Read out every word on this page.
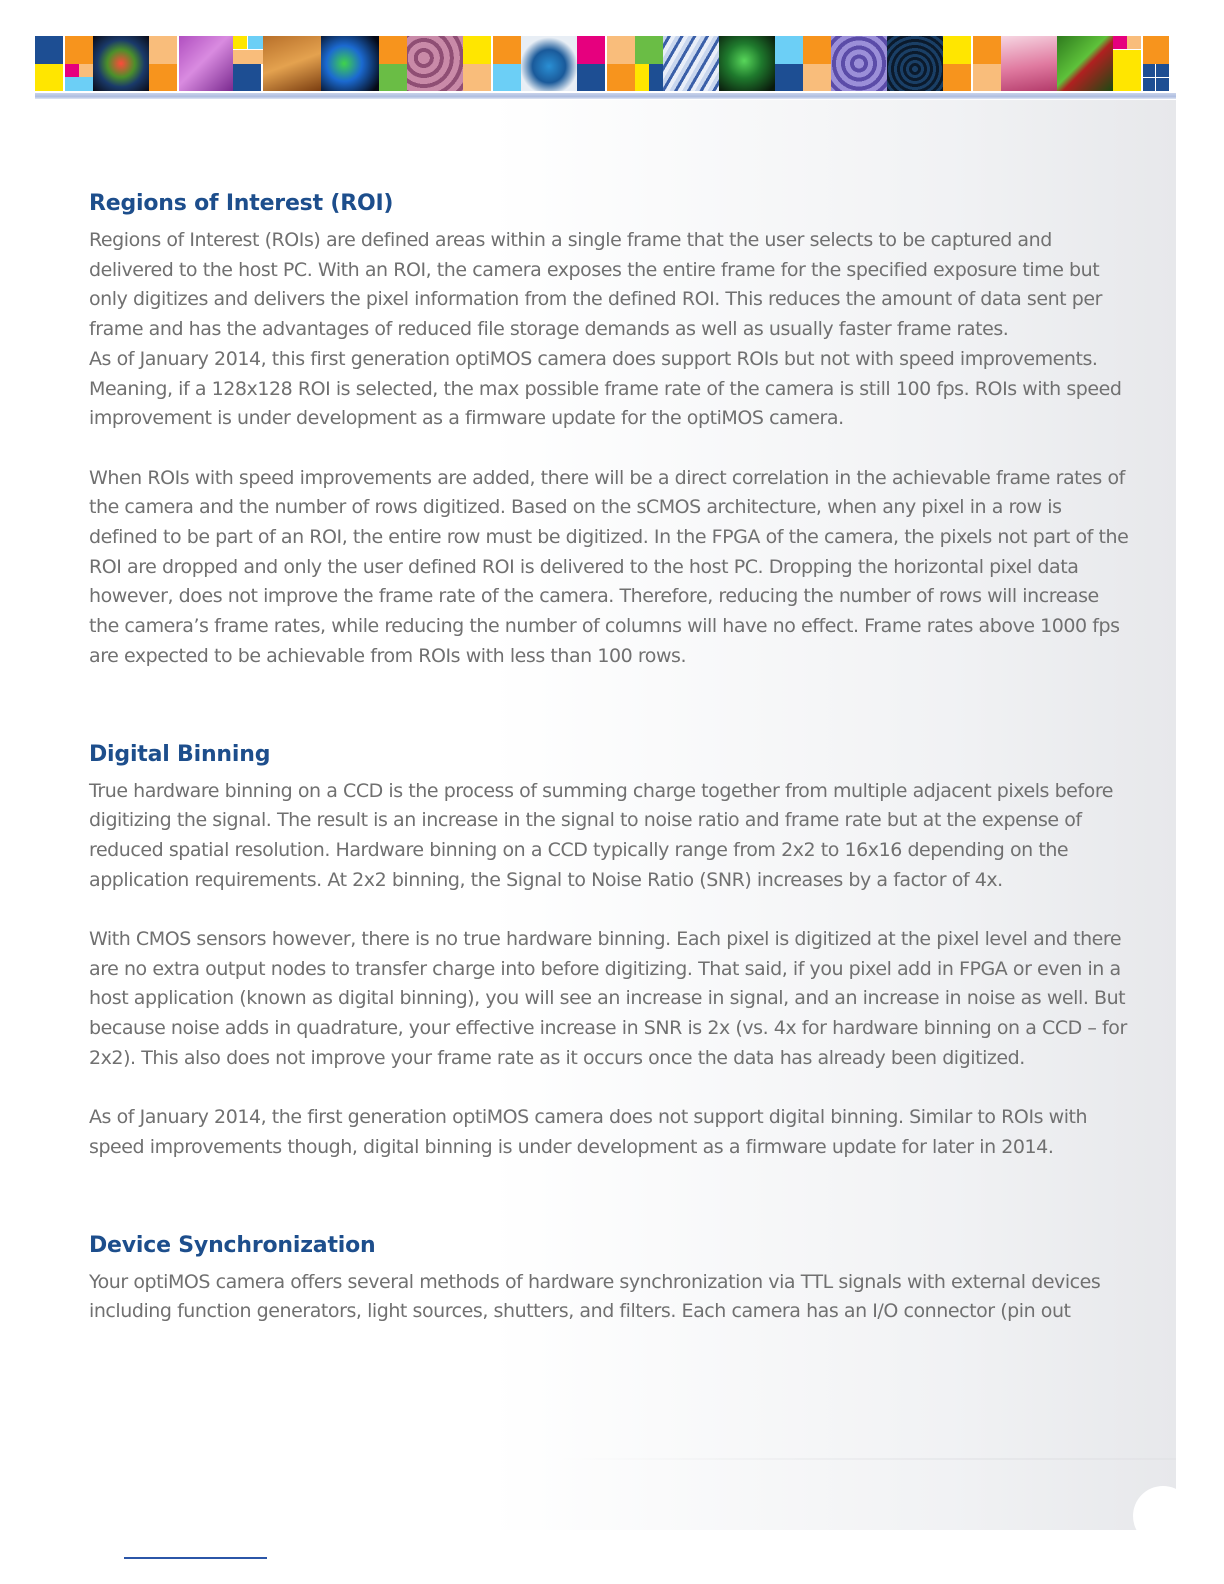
Regions of Interest (ROI)

Regions of Interest (ROIs) are defined areas within a single frame that the user selects to be captured and delivered to the host PC. With an ROI, the camera exposes the entire frame for the specified exposure time but only digitizes and delivers the pixel information from the defined ROI. This reduces the amount of data sent per frame and has the advantages of reduced file storage demands as well as usually faster frame rates.

As of January 2014, this first generation optiMOS camera does support ROIs but not with speed improvements. Meaning, if a 128x128 ROI is selected, the max possible frame rate of the camera is still 100 fps. ROIs with speed improvement is under development as a firmware update for the optiMOS camera.

When ROIs with speed improvements are added, there will be a direct correlation in the achievable frame rates of the camera and the number of rows digitized. Based on the sCMOS architecture, when any pixel in a row is defined to be part of an ROI, the entire row must be digitized. In the FPGA of the camera, the pixels not part of the ROI are dropped and only the user defined ROI is delivered to the host PC. Dropping the horizontal pixel data however, does not improve the frame rate of the camera. Therefore, reducing the number of rows will increase the camera’s frame rates, while reducing the number of columns will have no effect. Frame rates above 1000 fps are expected to be achievable from ROIs with less than 100 rows.

Digital Binning

True hardware binning on a CCD is the process of summing charge together from multiple adjacent pixels before digitizing the signal. The result is an increase in the signal to noise ratio and frame rate but at the expense of reduced spatial resolution. Hardware binning on a CCD typically range from 2x2 to 16x16 depending on the application requirements. At 2x2 binning, the Signal to Noise Ratio (SNR) increases by a factor of 4x.

With CMOS sensors however, there is no true hardware binning. Each pixel is digitized at the pixel level and there are no extra output nodes to transfer charge into before digitizing. That said, if you pixel add in FPGA or even in a host application (known as digital binning), you will see an increase in signal, and an increase in noise as well. But because noise adds in quadrature, your effective increase in SNR is 2x (vs. 4x for hardware binning on a CCD – for 2x2). This also does not improve your frame rate as it occurs once the data has already been digitized.

As of January 2014, the first generation optiMOS camera does not support digital binning. Similar to ROIs with speed improvements though, digital binning is under development as a firmware update for later in 2014.

Device Synchronization

Your optiMOS camera offers several methods of hardware synchronization via TTL signals with external devices including function generators, light sources, shutters, and filters. Each camera has an I/O connector (pin out
